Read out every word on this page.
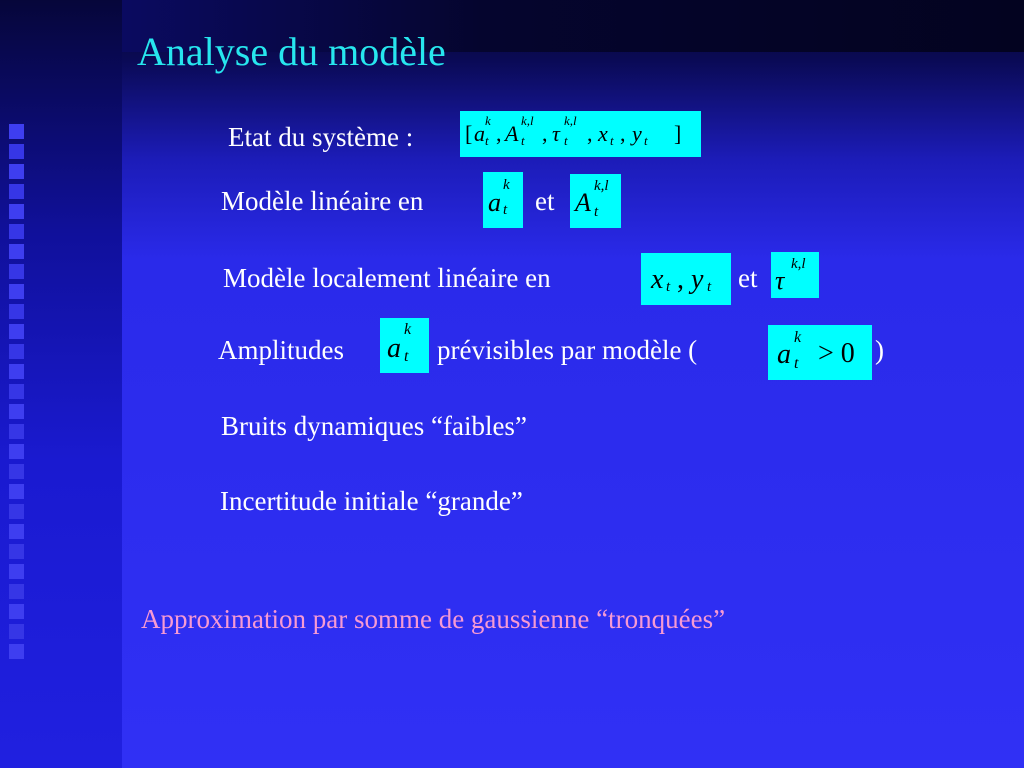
Analyse du modèle
Etat du système : [ a
k
t , A
k,l
t , τ
k,l
t , x t , y t ]
Modèle linéaire en a
k
t et A
k,l
t
Modèle localement linéaire en	x t , y t et τ
k,l
Amplitudes a
k
t prévisibles par modèle (	a
k
t > 0 )
Bruits dynamiques “faibles”
Incertitude initiale “grande”
Approximation par somme de gaussienne “tronquées”
